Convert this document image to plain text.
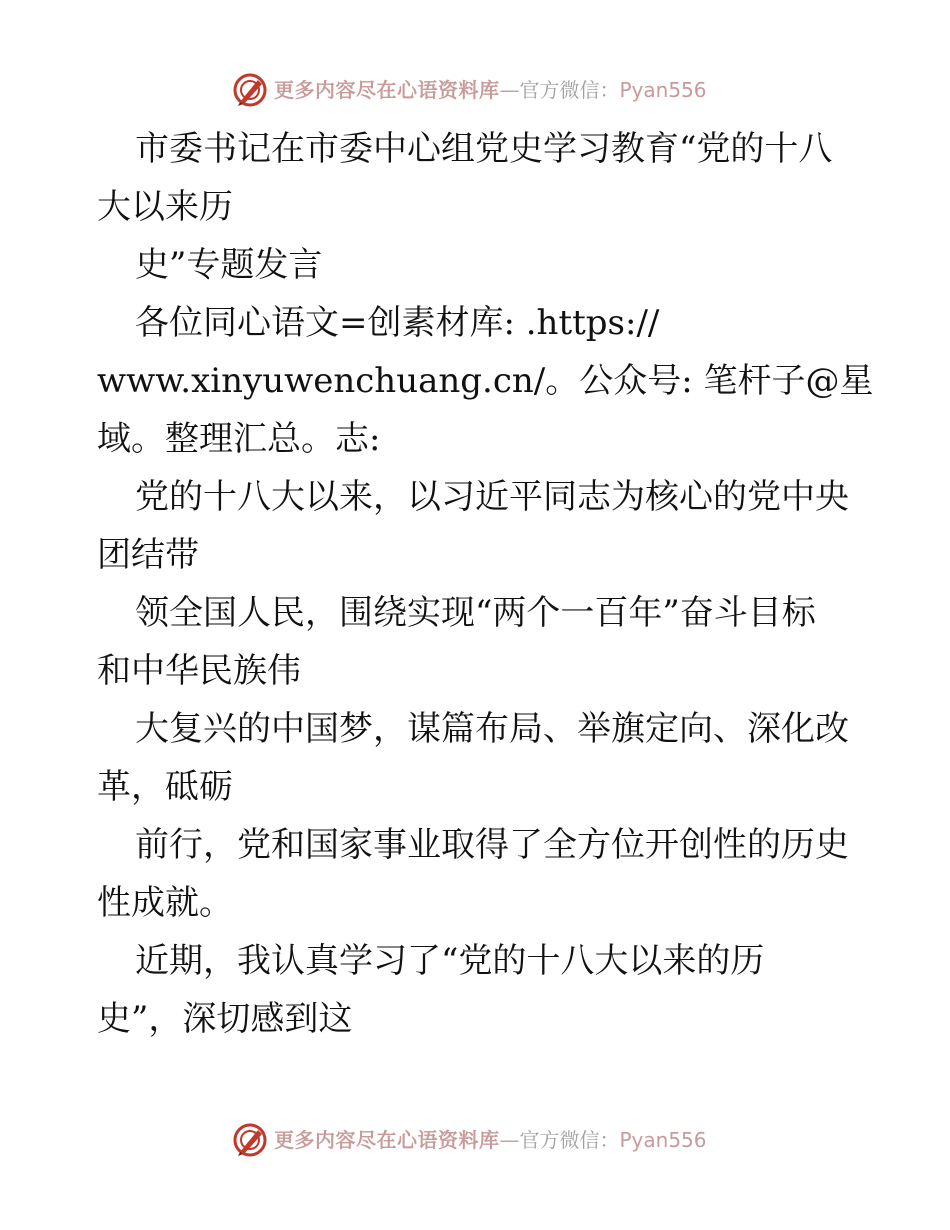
更多内容尽在心语资料库—官方微信：Pyan556
市委书记在市委中心组党史学习教育“党的十八
大以来历
史”专题发言
各位同心语文=创素材库: .https://
www.xinyuwenchuang.cn/。公众号: 笔杆子@星
域。整理汇总。志:
党的十八大以来，以习近平同志为核心的党中央
团结带
领全国人民，围绕实现“两个一百年”奋斗目标
和中华民族伟
大复兴的中国梦，谋篇布局、举旗定向、深化改
革，砥砺
前行，党和国家事业取得了全方位开创性的历史
性成就。
近期，我认真学习了“党的十八大以来的历
史”，深切感到这
更多内容尽在心语资料库—官方微信：Pyan556
